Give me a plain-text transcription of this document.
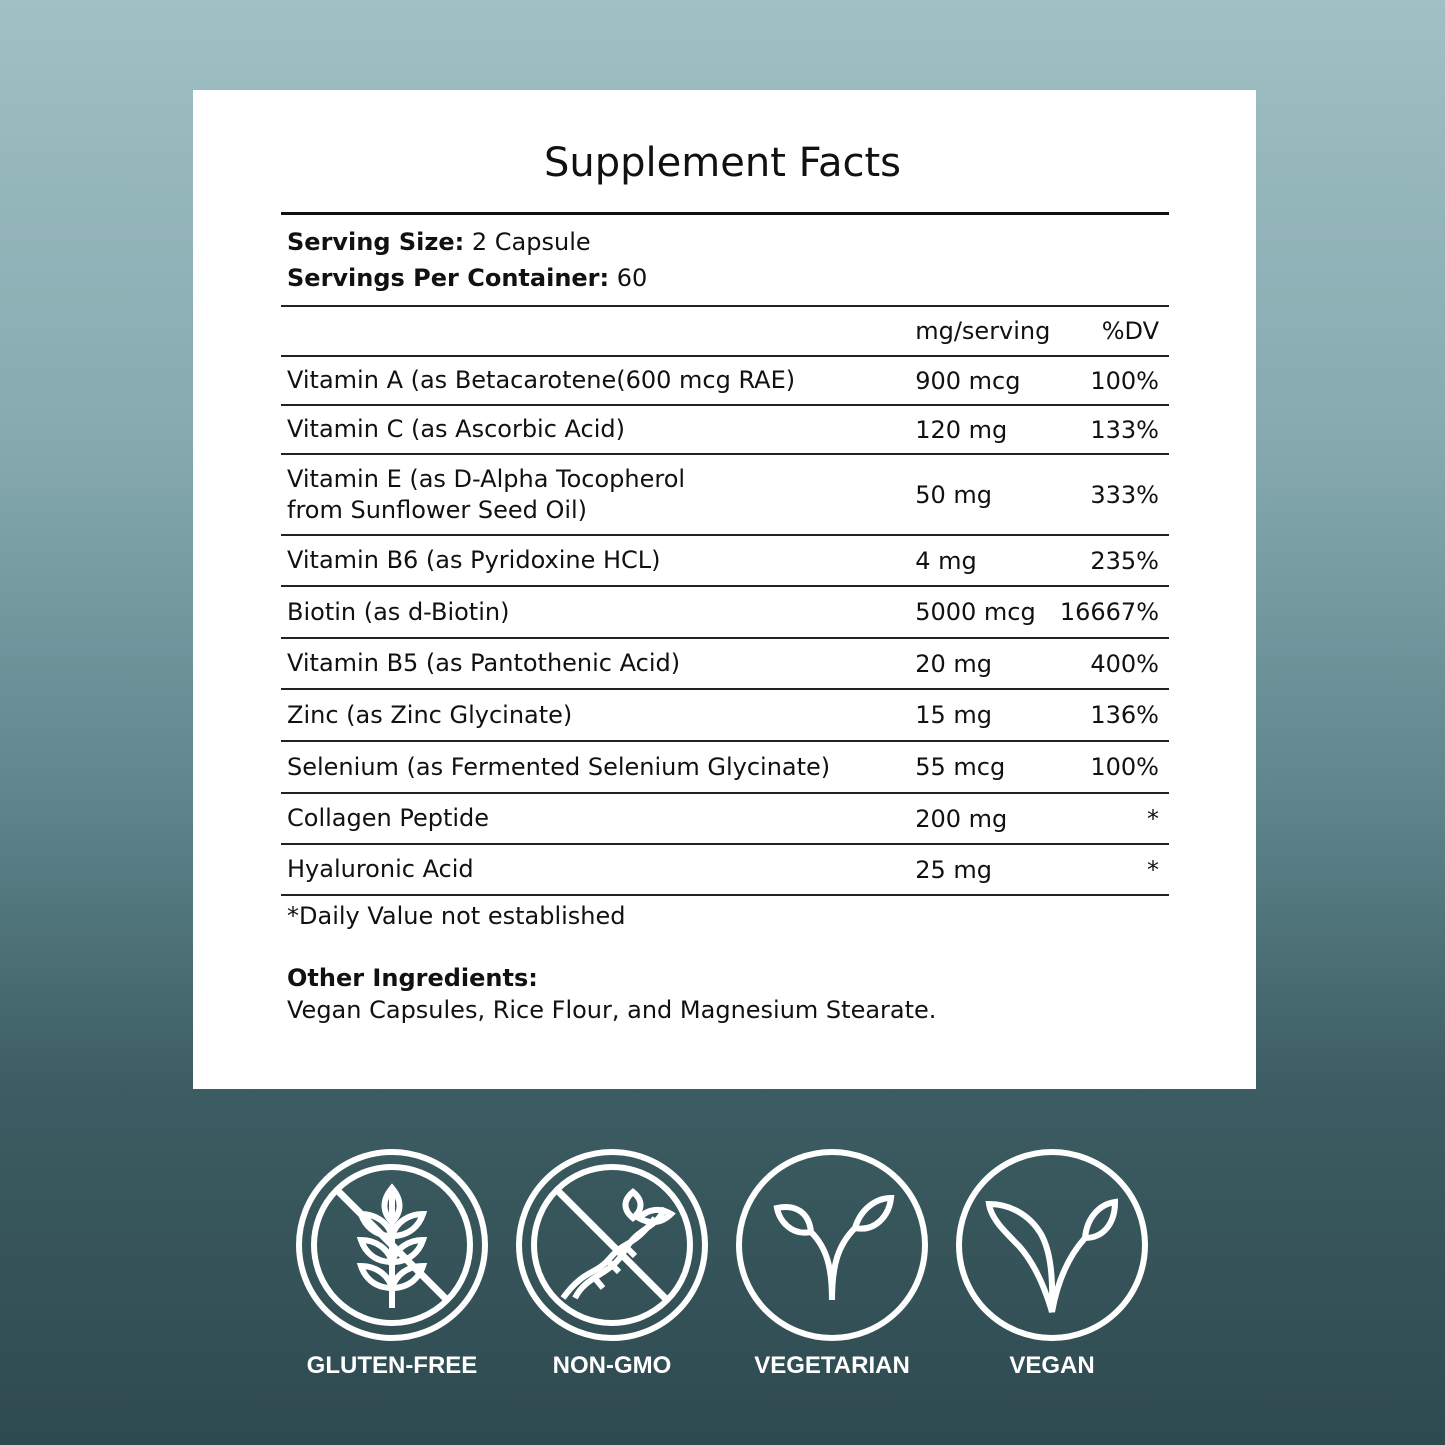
Supplement Facts
Serving Size: 2 Capsule
Servings Per Container: 60
	mg/serving	%DV
Vitamin A (as Betacarotene(600 mcg RAE)	900 mcg	100%
Vitamin C (as Ascorbic Acid)	120 mg	133%
Vitamin E (as D-Alpha Tocopherol from Sunflower Seed Oil)	50 mg	333%
Vitamin B6 (as Pyridoxine HCL)	4 mg	235%
Biotin (as d-Biotin)	5000 mcg	16667%
Vitamin B5 (as Pantothenic Acid)	20 mg	400%
Zinc (as Zinc Glycinate)	15 mg	136%
Selenium (as Fermented Selenium Glycinate)	55 mcg	100%
Collagen Peptide	200 mg	*
Hyaluronic Acid	25 mg	*
*Daily Value not established
Other Ingredients:
Vegan Capsules, Rice Flour, and Magnesium Stearate.
GLUTEN-FREE	NON-GMO	VEGETARIAN	VEGAN
